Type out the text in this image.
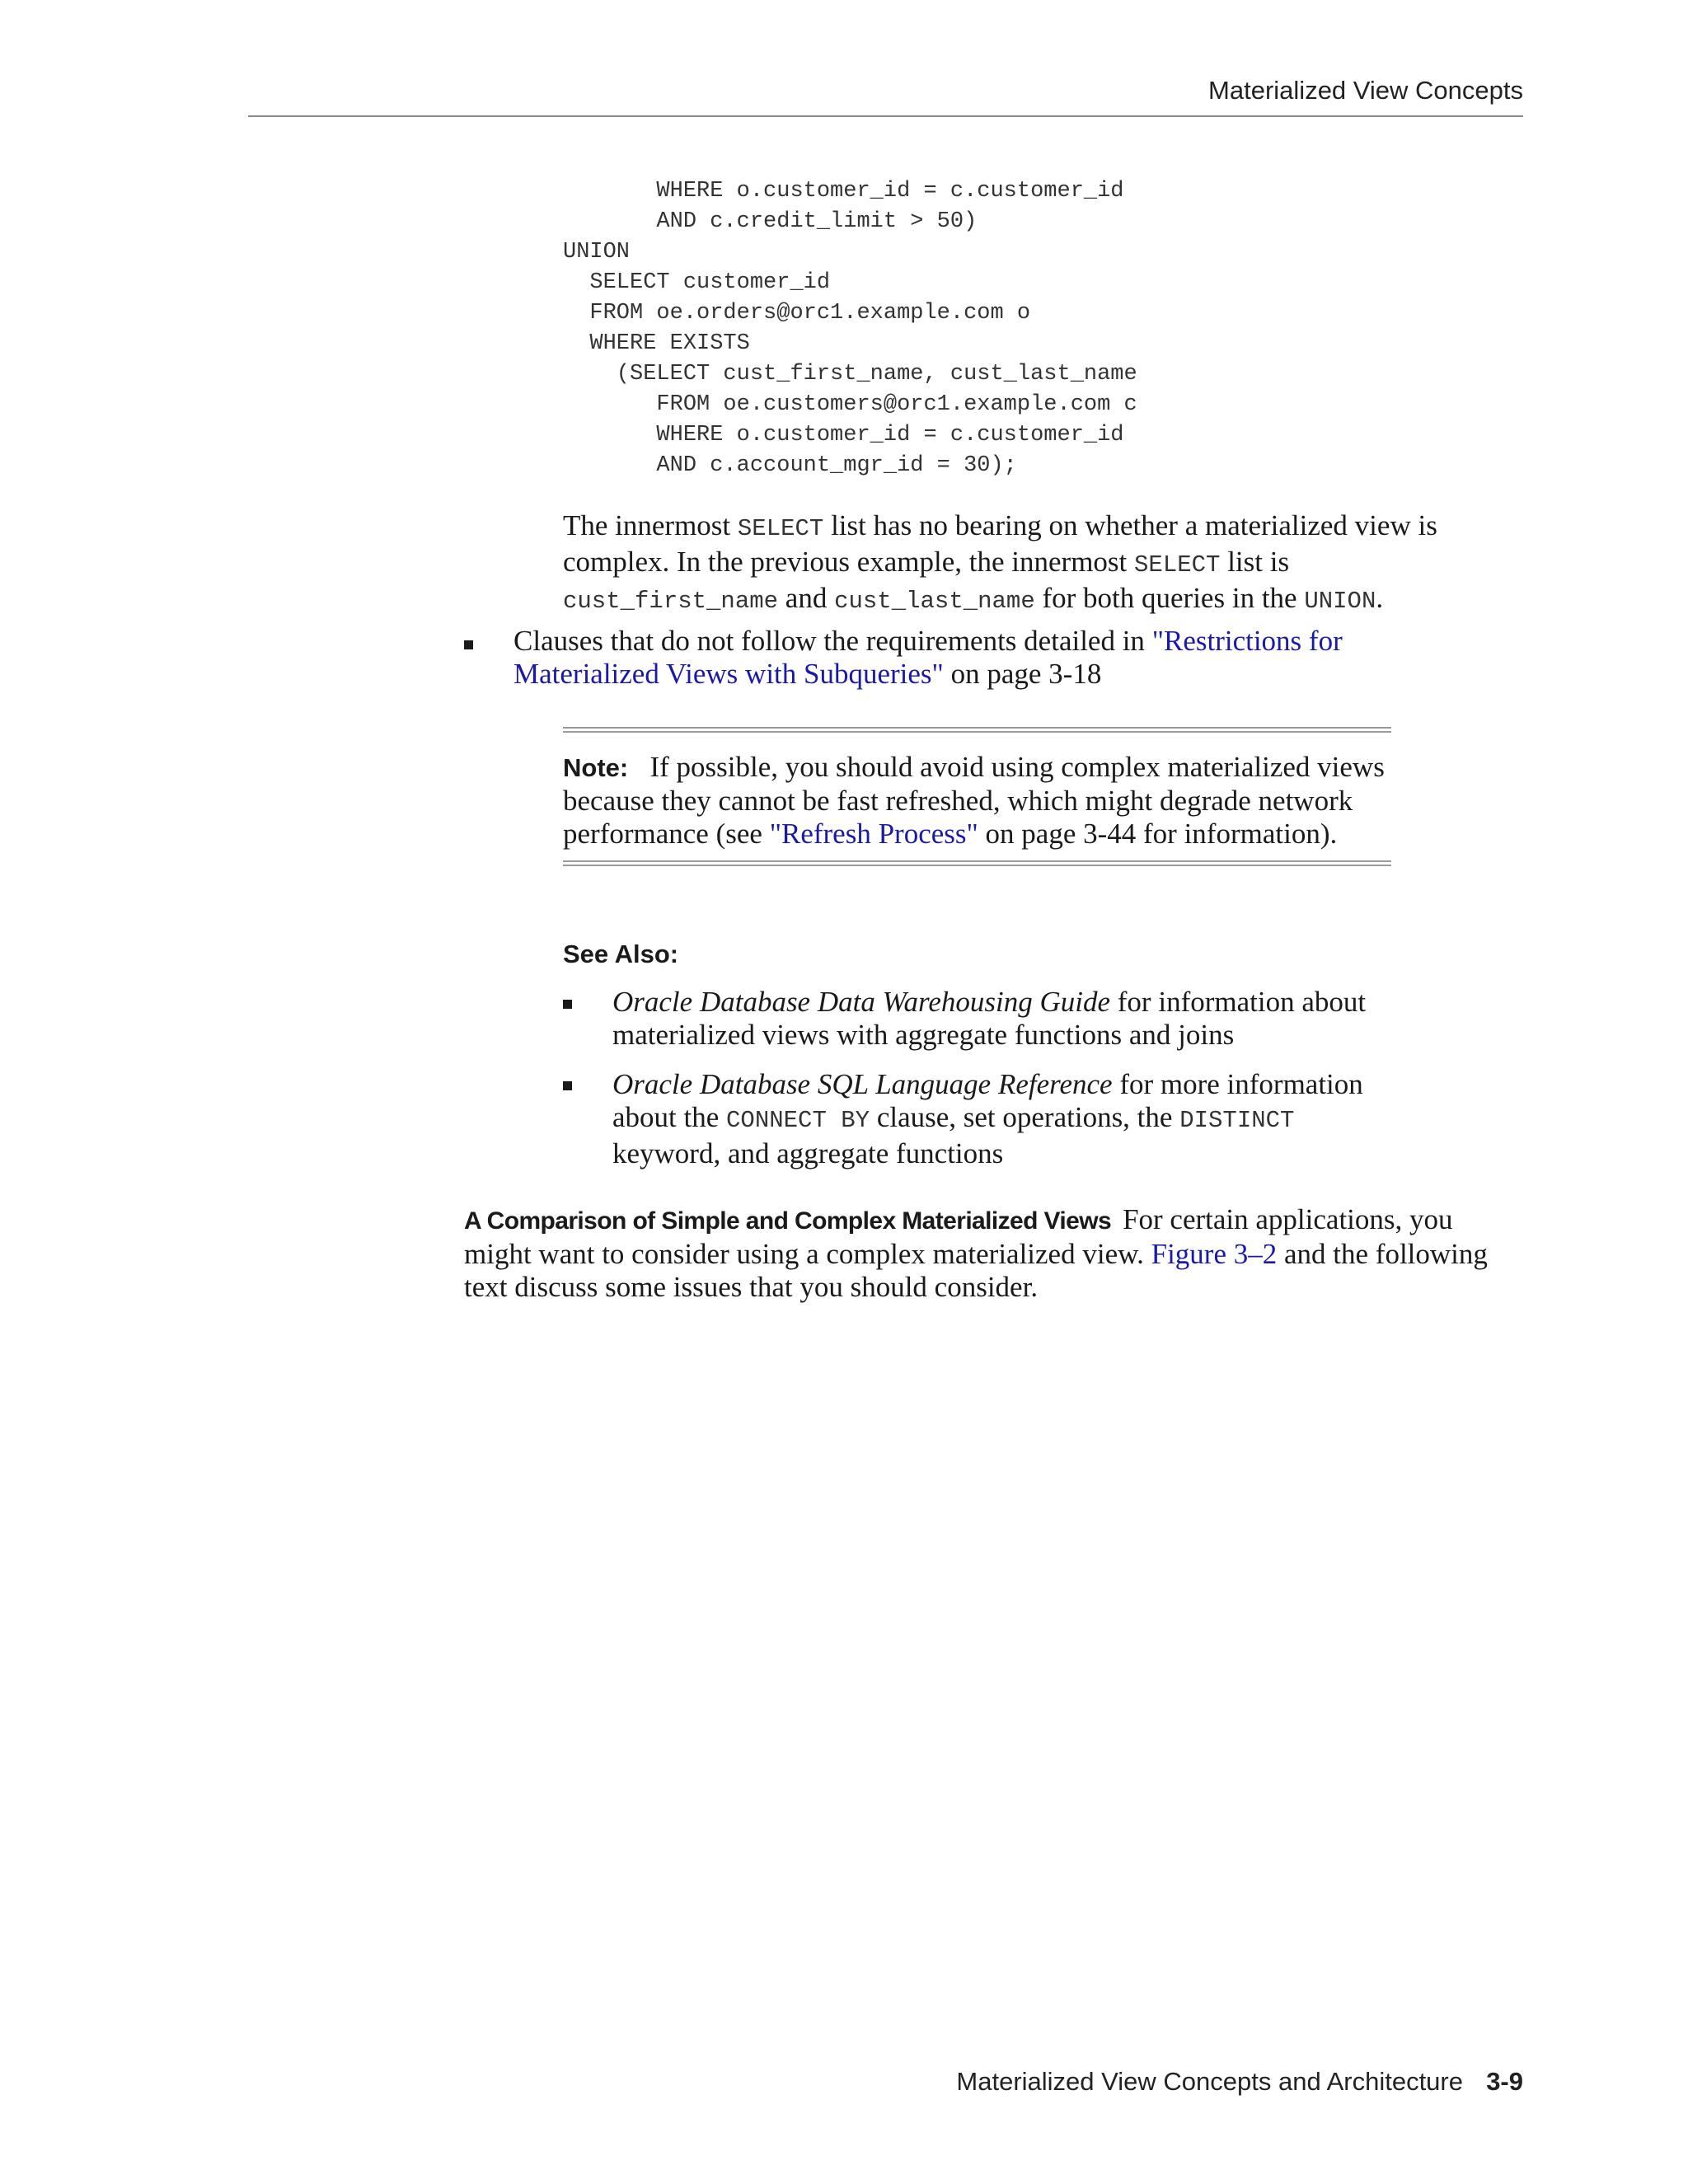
Materialized View Concepts
WHERE o.customer_id = c.customer_id
AND c.credit_limit > 50)
UNION
SELECT customer_id
FROM oe.orders@orc1.example.com o
WHERE EXISTS
(SELECT cust_first_name, cust_last_name
FROM oe.customers@orc1.example.com c
WHERE o.customer_id = c.customer_id
AND c.account_mgr_id = 30);
The innermost SELECT list has no bearing on whether a materialized view is complex. In the previous example, the innermost SELECT list is cust_first_name and cust_last_name for both queries in the UNION.
Clauses that do not follow the requirements detailed in "Restrictions for Materialized Views with Subqueries" on page 3-18
Note: If possible, you should avoid using complex materialized views because they cannot be fast refreshed, which might degrade network performance (see "Refresh Process" on page 3-44 for information).
See Also:
Oracle Database Data Warehousing Guide for information about materialized views with aggregate functions and joins
Oracle Database SQL Language Reference for more information about the CONNECT BY clause, set operations, the DISTINCT keyword, and aggregate functions
A Comparison of Simple and Complex Materialized Views For certain applications, you might want to consider using a complex materialized view. Figure 3–2 and the following text discuss some issues that you should consider.
Materialized View Concepts and Architecture 3-9
